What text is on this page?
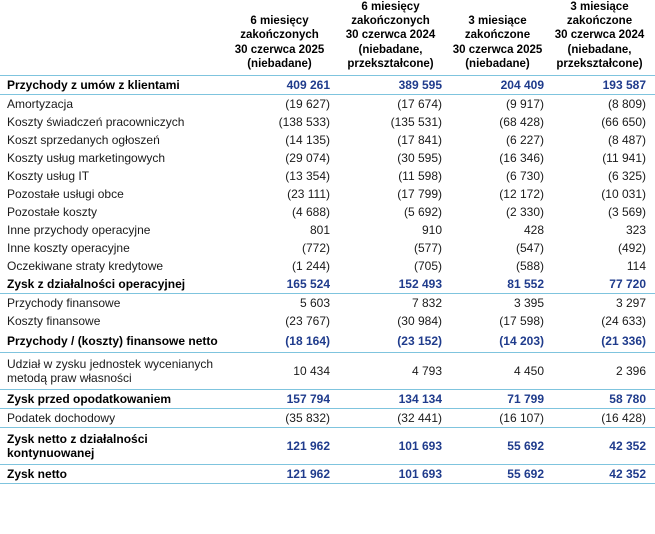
6 miesięcy
zakończonych
30 czerwca 2025
(niebadane)

6 miesięcy
zakończonych
30 czerwca 2024
(niebadane,
przekształcone)

3 miesiące
zakończone
30 czerwca 2025
(niebadane)

3 miesiące
zakończone
30 czerwca 2024
(niebadane,
przekształcone)

Przychody z umów z klientami	409 261	389 595	204 409	193 587
Amortyzacja	(19 627)	(17 674)	(9 917)	(8 809)
Koszty świadczeń pracowniczych	(138 533)	(135 531)	(68 428)	(66 650)
Koszt sprzedanych ogłoszeń	(14 135)	(17 841)	(6 227)	(8 487)
Koszty usług marketingowych	(29 074)	(30 595)	(16 346)	(11 941)
Koszty usług IT	(13 354)	(11 598)	(6 730)	(6 325)
Pozostałe usługi obce	(23 111)	(17 799)	(12 172)	(10 031)
Pozostałe koszty	(4 688)	(5 692)	(2 330)	(3 569)
Inne przychody operacyjne	801	910	428	323
Inne koszty operacyjne	(772)	(577)	(547)	(492)
Oczekiwane straty kredytowe	(1 244)	(705)	(588)	114
Zysk z działalności operacyjnej	165 524	152 493	81 552	77 720
Przychody finansowe	5 603	7 832	3 395	3 297
Koszty finansowe	(23 767)	(30 984)	(17 598)	(24 633)
Przychody / (koszty) finansowe netto	(18 164)	(23 152)	(14 203)	(21 336)
Udział w zysku jednostek wycenianych metodą praw własności	10 434	4 793	4 450	2 396
Zysk przed opodatkowaniem	157 794	134 134	71 799	58 780
Podatek dochodowy	(35 832)	(32 441)	(16 107)	(16 428)
Zysk netto z działalności kontynuowanej	121 962	101 693	55 692	42 352
Zysk netto	121 962	101 693	55 692	42 352
